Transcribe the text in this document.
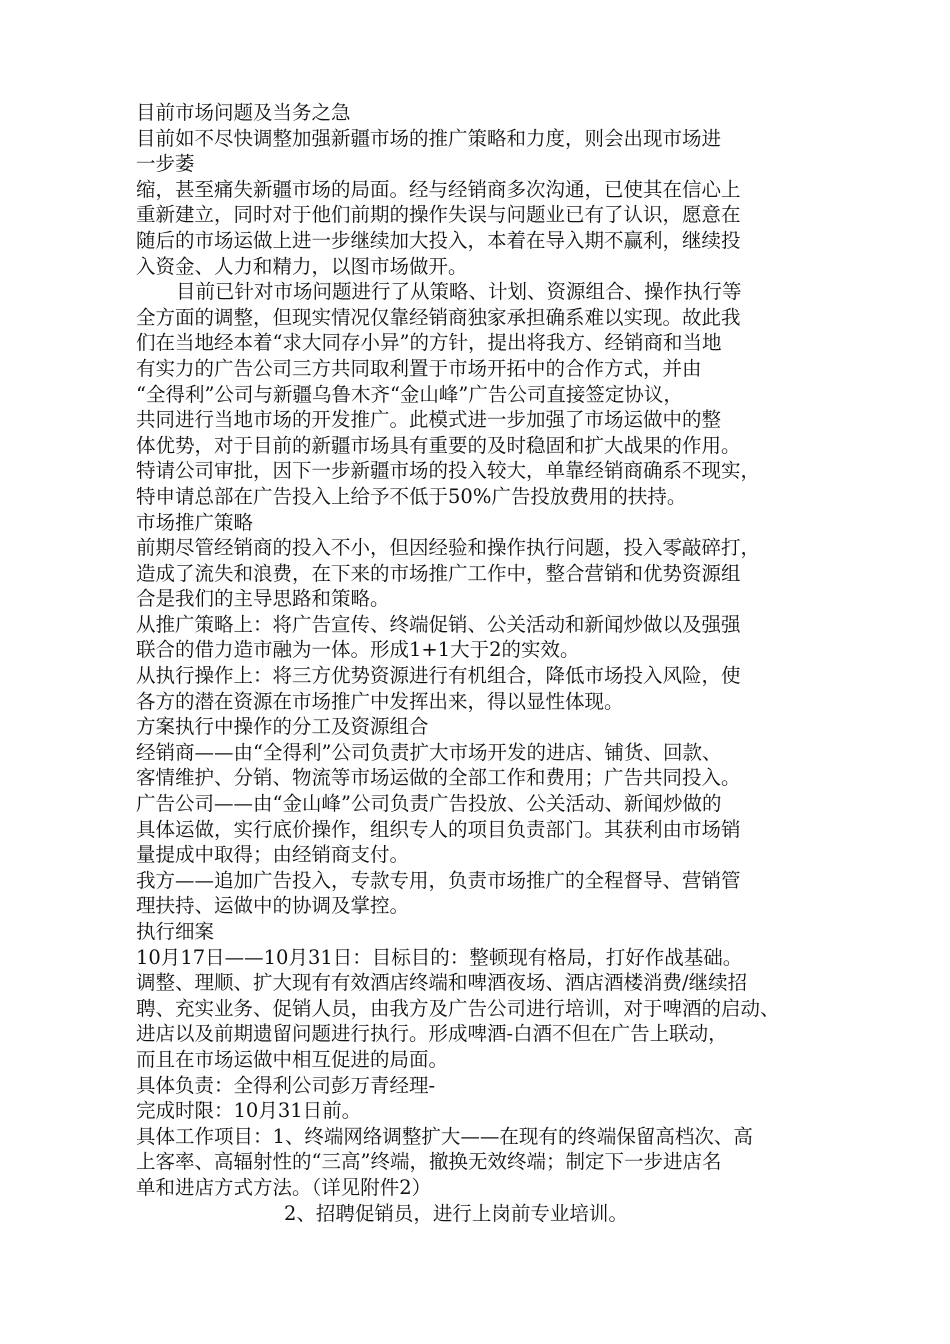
目前市场问题及当务之急
目前如不尽快调整加强新疆市场的推广策略和力度，则会出现市场进
一步萎
缩，甚至痛失新疆市场的局面。经与经销商多次沟通，已使其在信心上
重新建立，同时对于他们前期的操作失误与问题业已有了认识，愿意在
随后的市场运做上进一步继续加大投入，本着在导入期不赢利，继续投
入资金、人力和精力，以图市场做开。
目前已针对市场问题进行了从策略、计划、资源组合、操作执行等
全方面的调整，但现实情况仅靠经销商独家承担确系难以实现。故此我
们在当地经本着“求大同存小异”的方针，提出将我方、经销商和当地
有实力的广告公司三方共同取利置于市场开拓中的合作方式，并由
“全得利”公司与新疆乌鲁木齐“金山峰”广告公司直接签定协议，
共同进行当地市场的开发推广。此模式进一步加强了市场运做中的整
体优势，对于目前的新疆市场具有重要的及时稳固和扩大战果的作用。
特请公司审批，因下一步新疆市场的投入较大，单靠经销商确系不现实，
特申请总部在广告投入上给予不低于50%广告投放费用的扶持。
市场推广策略
前期尽管经销商的投入不小，但因经验和操作执行问题，投入零敲碎打，
造成了流失和浪费，在下来的市场推广工作中，整合营销和优势资源组
合是我们的主导思路和策略。
从推广策略上：将广告宣传、终端促销、公关活动和新闻炒做以及强强
联合的借力造市融为一体。形成1+1大于2的实效。
从执行操作上：将三方优势资源进行有机组合，降低市场投入风险，使
各方的潜在资源在市场推广中发挥出来，得以显性体现。
方案执行中操作的分工及资源组合
经销商——由“全得利”公司负责扩大市场开发的进店、铺货、回款、
客情维护、分销、物流等市场运做的全部工作和费用；广告共同投入。
广告公司——由“金山峰”公司负责广告投放、公关活动、新闻炒做的
具体运做，实行底价操作，组织专人的项目负责部门。其获利由市场销
量提成中取得；由经销商支付。
我方——追加广告投入，专款专用，负责市场推广的全程督导、营销管
理扶持、运做中的协调及掌控。
执行细案
10月17日——10月31日：目标目的：整顿现有格局，打好作战基础。
调整、理顺、扩大现有有效酒店终端和啤酒夜场、酒店酒楼消费/继续招
聘、充实业务、促销人员，由我方及广告公司进行培训，对于啤酒的启动、
进店以及前期遗留问题进行执行。形成啤酒-白酒不但在广告上联动，
而且在市场运做中相互促进的局面。
具体负责：全得利公司彭万青经理-
完成时限：10月31日前。
具体工作项目：1、终端网络调整扩大——在现有的终端保留高档次、高
上客率、高辐射性的“三高”终端，撤换无效终端；制定下一步进店名
单和进店方式方法。（详见附件2）
2、招聘促销员，进行上岗前专业培训。
